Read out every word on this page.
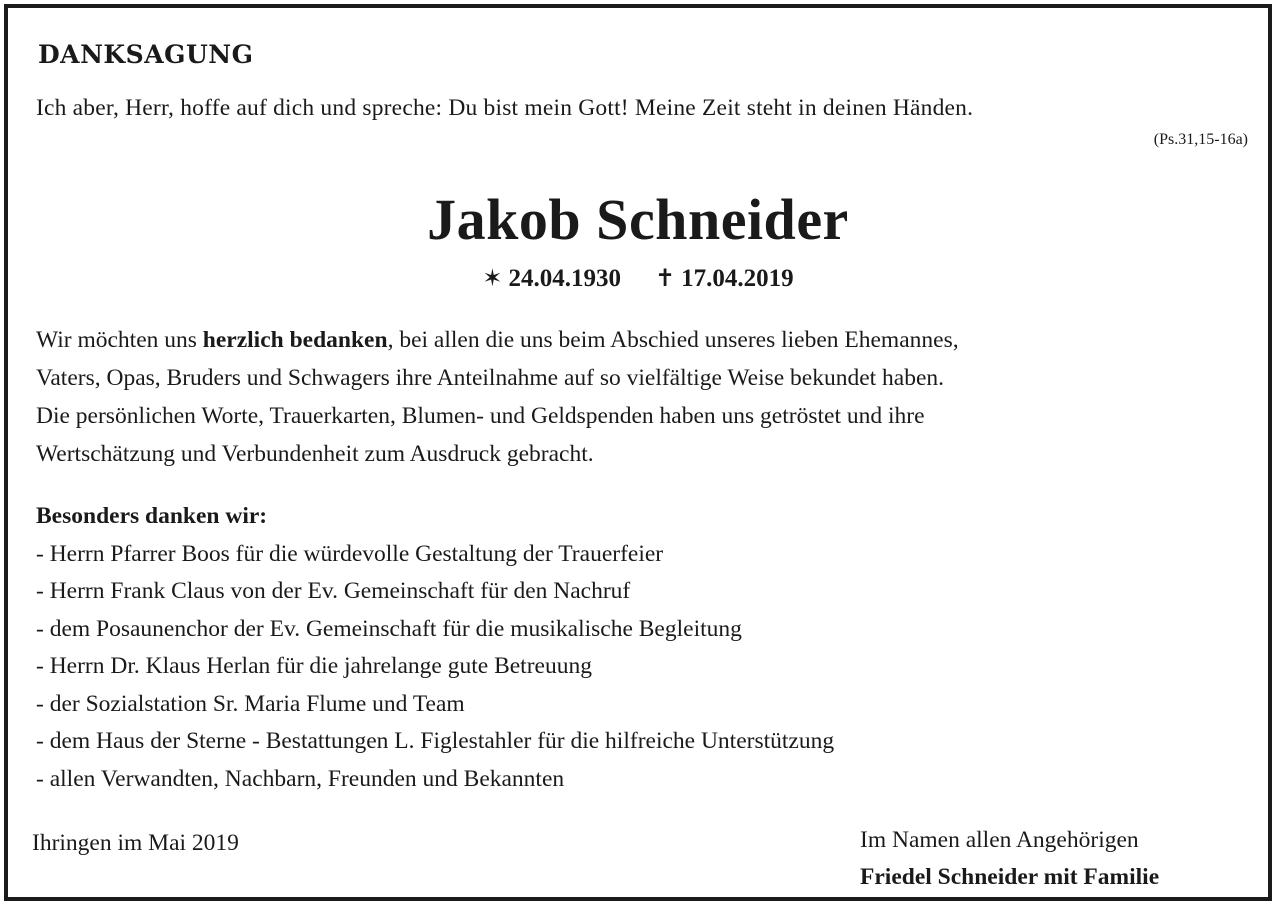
DANKSAGUNG
Ich aber, Herr, hoffe auf dich und spreche: Du bist mein Gott! Meine Zeit steht in deinen Händen.
(Ps.31,15-16a)
Jakob Schneider
✶ 24.04.1930 ✝ 17.04.2019
Wir möchten uns herzlich bedanken, bei allen die uns beim Abschied unseres lieben Ehemannes,
Vaters, Opas, Bruders und Schwagers ihre Anteilnahme auf so vielfältige Weise bekundet haben.
Die persönlichen Worte, Trauerkarten, Blumen- und Geldspenden haben uns getröstet und ihre
Wertschätzung und Verbundenheit zum Ausdruck gebracht.
Besonders danken wir:
- Herrn Pfarrer Boos für die würdevolle Gestaltung der Trauerfeier
- Herrn Frank Claus von der Ev. Gemeinschaft für den Nachruf
- dem Posaunenchor der Ev. Gemeinschaft für die musikalische Begleitung
- Herrn Dr. Klaus Herlan für die jahrelange gute Betreuung
- der Sozialstation Sr. Maria Flume und Team
- dem Haus der Sterne - Bestattungen L. Figlestahler für die hilfreiche Unterstützung
- allen Verwandten, Nachbarn, Freunden und Bekannten
Ihringen im Mai 2019	Im Namen allen Angehörigen
Friedel Schneider mit Familie
